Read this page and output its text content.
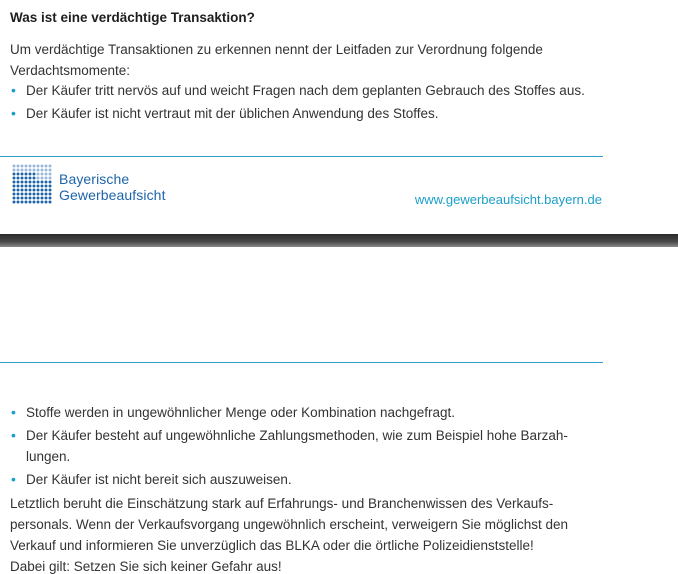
Was ist eine verdächtige Transaktion?
Um verdächtige Transaktionen zu erkennen nennt der Leitfaden zur Verordnung folgende
Verdachtsmomente:
• Der Käufer tritt nervös auf und weicht Fragen nach dem geplanten Gebrauch des Stoffes aus.
• Der Käufer ist nicht vertraut mit der üblichen Anwendung des Stoffes.
Bayerische
Gewerbeaufsicht	www.gewerbeaufsicht.bayern.de
• Stoffe werden in ungewöhnlicher Menge oder Kombination nachgefragt.
• Der Käufer besteht auf ungewöhnliche Zahlungsmethoden, wie zum Beispiel hohe Barzah-
lungen.
• Der Käufer ist nicht bereit sich auszuweisen.
Letztlich beruht die Einschätzung stark auf Erfahrungs- und Branchenwissen des Verkaufs-
personals. Wenn der Verkaufsvorgang ungewöhnlich erscheint, verweigern Sie möglichst den
Verkauf und informieren Sie unverzüglich das BLKA oder die örtliche Polizeidienststelle!
Dabei gilt: Setzen Sie sich keiner Gefahr aus!
